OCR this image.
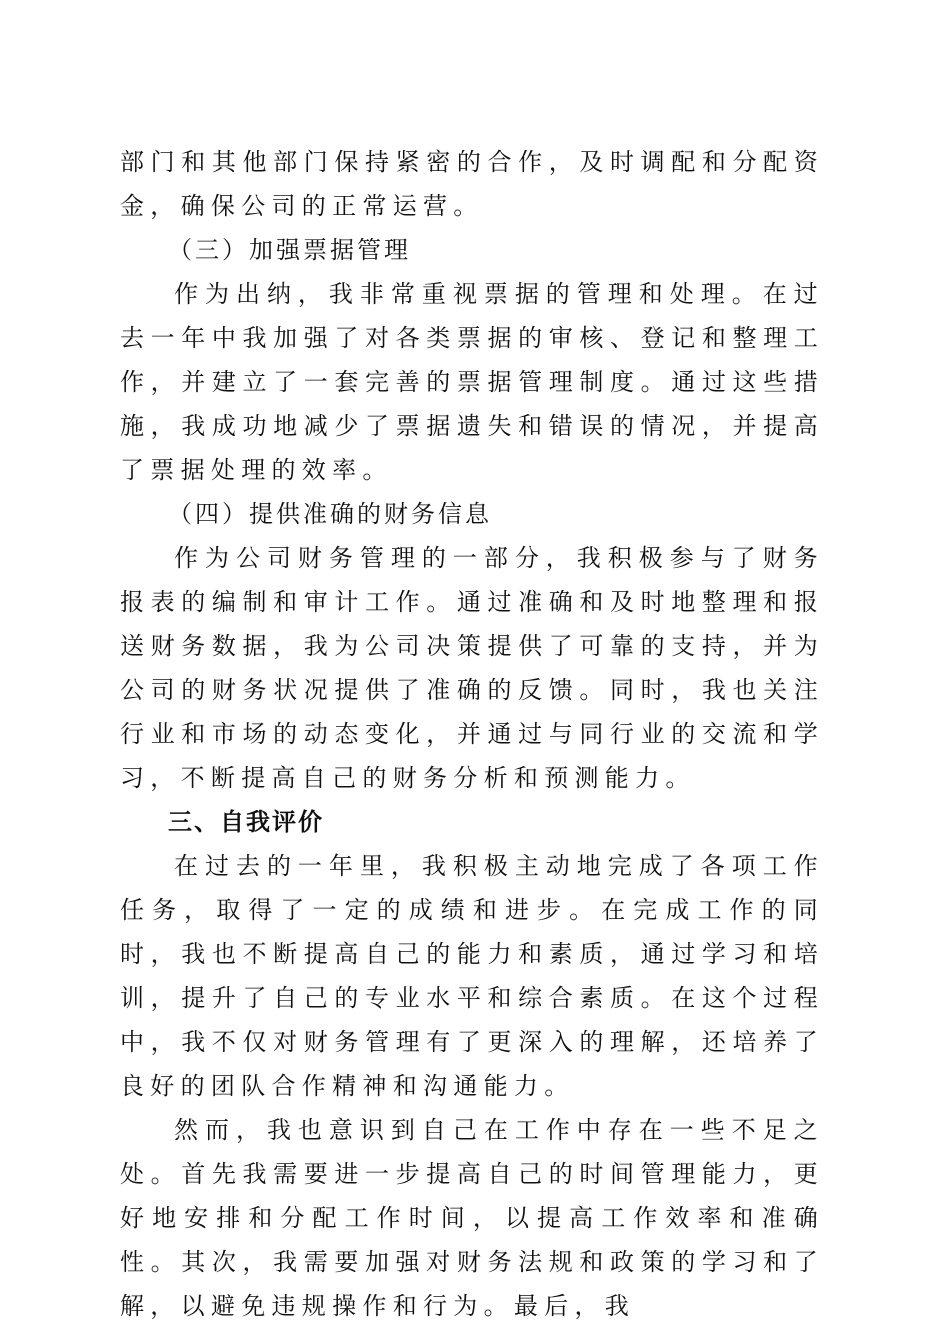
部门和其他部门保持紧密的合作，及时调配和分配资金，确保公司的正常运营。

（三）加强票据管理

作为出纳，我非常重视票据的管理和处理。在过去一年中我加强了对各类票据的审核、登记和整理工作，并建立了一套完善的票据管理制度。通过这些措施，我成功地减少了票据遗失和错误的情况，并提高了票据处理的效率。

（四）提供准确的财务信息

作为公司财务管理的一部分，我积极参与了财务报表的编制和审计工作。通过准确和及时地整理和报送财务数据，我为公司决策提供了可靠的支持，并为公司的财务状况提供了准确的反馈。同时，我也关注行业和市场的动态变化，并通过与同行业的交流和学习，不断提高自己的财务分析和预测能力。

三、自我评价

在过去的一年里，我积极主动地完成了各项工作任务，取得了一定的成绩和进步。在完成工作的同时，我也不断提高自己的能力和素质，通过学习和培训，提升了自己的专业水平和综合素质。在这个过程中，我不仅对财务管理有了更深入的理解，还培养了良好的团队合作精神和沟通能力。

然而，我也意识到自己在工作中存在一些不足之处。首先我需要进一步提高自己的时间管理能力，更好地安排和分配工作时间，以提高工作效率和准确性。其次，我需要加强对财务法规和政策的学习和了解，以避免违规操作和行为。最后，我
